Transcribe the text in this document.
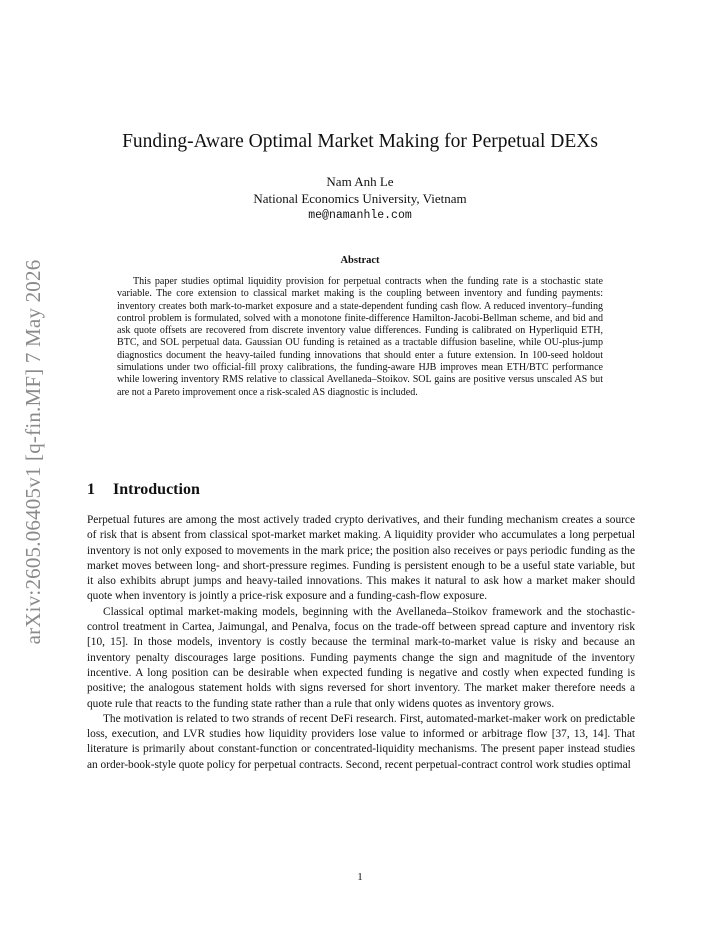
arXiv:2605.06405v1 [q-fin.MF] 7 May 2026
Funding-Aware Optimal Market Making for Perpetual DEXs
Nam Anh Le
National Economics University, Vietnam
me@namanhle.com
Abstract

This paper studies optimal liquidity provision for perpetual contracts when the funding rate is a stochastic state variable. The core extension to classical market making is the coupling between inventory and funding payments: inventory creates both mark-to-market exposure and a state-dependent funding cash flow. A reduced inventory–funding control problem is formulated, solved with a monotone finite-difference Hamilton-Jacobi-Bellman scheme, and bid and ask quote offsets are recovered from discrete inventory value differences. Funding is calibrated on Hyperliquid ETH, BTC, and SOL perpetual data. Gaussian OU funding is retained as a tractable diffusion baseline, while OU-plus-jump diagnostics document the heavy-tailed funding innovations that should enter a future extension. In 100-seed holdout simulations under two official-fill proxy calibrations, the funding-aware HJB improves mean ETH/BTC performance while lowering inventory RMS relative to classical Avellaneda–Stoikov. SOL gains are positive versus unscaled AS but are not a Pareto improvement once a risk-scaled AS diagnostic is included.

1 Introduction

Perpetual futures are among the most actively traded crypto derivatives, and their funding mechanism creates a source of risk that is absent from classical spot-market market making. A liquidity provider who accumulates a long perpetual inventory is not only exposed to movements in the mark price; the position also receives or pays periodic funding as the market moves between long- and short-pressure regimes. Funding is persistent enough to be a useful state variable, but it also exhibits abrupt jumps and heavy-tailed innovations. This makes it natural to ask how a market maker should quote when inventory is jointly a price-risk exposure and a funding-cash-flow exposure.

Classical optimal market-making models, beginning with the Avellaneda–Stoikov framework and the stochastic-control treatment in Cartea, Jaimungal, and Penalva, focus on the trade-off between spread capture and inventory risk [10, 15]. In those models, inventory is costly because the terminal mark-to-market value is risky and because an inventory penalty discourages large positions. Funding payments change the sign and magnitude of the inventory incentive. A long position can be desirable when expected funding is negative and costly when expected funding is positive; the analogous statement holds with signs reversed for short inventory. The market maker therefore needs a quote rule that reacts to the funding state rather than a rule that only widens quotes as inventory grows.

The motivation is related to two strands of recent DeFi research. First, automated-market-maker work on predictable loss, execution, and LVR studies how liquidity providers lose value to informed or arbitrage flow [37, 13, 14]. That literature is primarily about constant-function or concentrated-liquidity mechanisms. The present paper instead studies an order-book-style quote policy for perpetual contracts. Second, recent perpetual-contract control work studies optimal

1
